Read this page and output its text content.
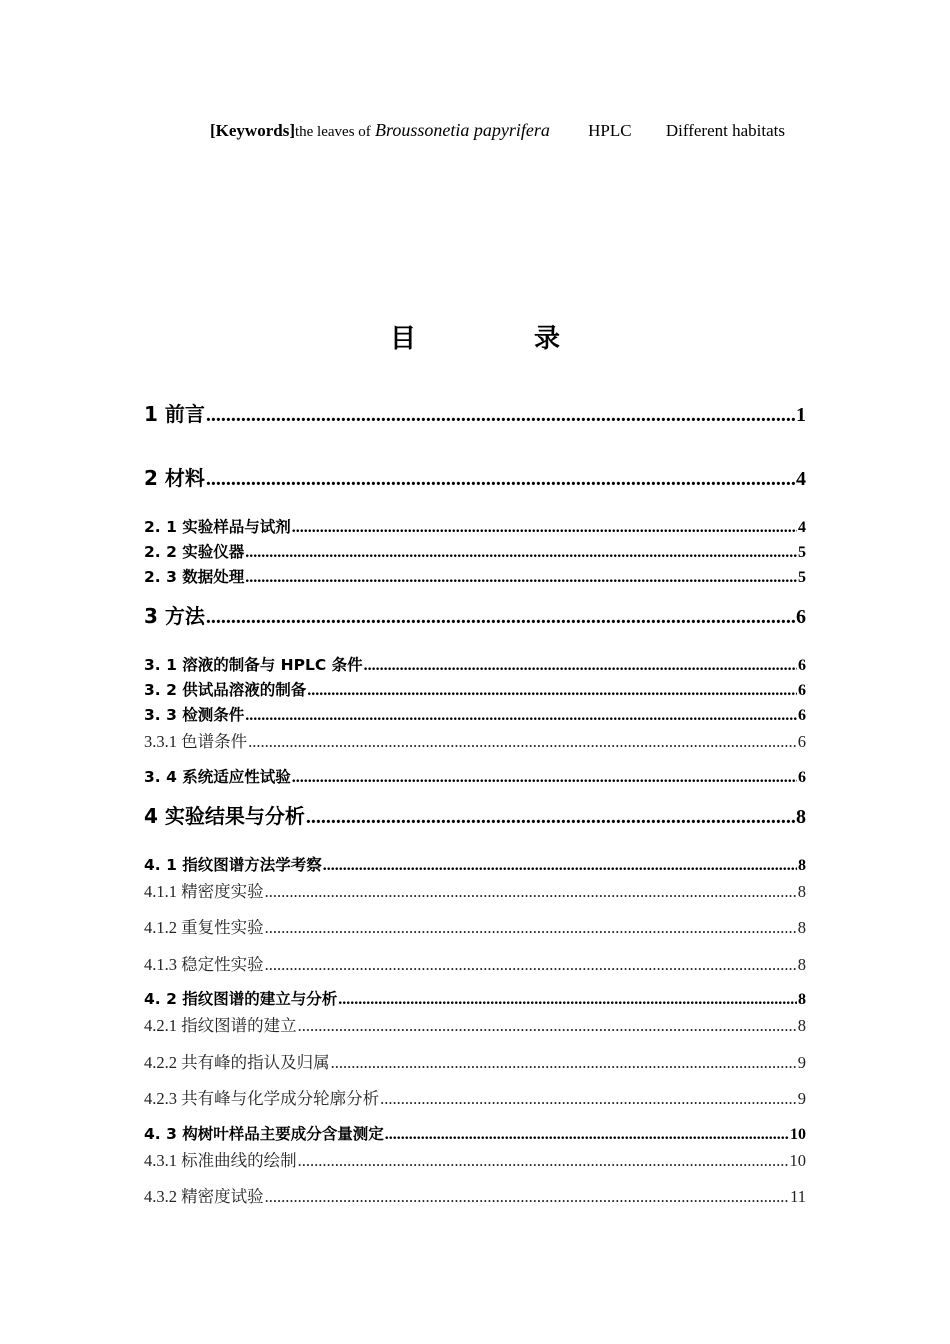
[Keywords]the leaves of Broussonetia papyrifera HPLC Different habitats
目　录
1 前言 .....	1
2 材料 .....	4
2. 1 实验样品与试剂 .....	4
2. 2 实验仪器 .....	5
2. 3 数据处理 .....	5
3 方法 .....	6
3. 1 溶液的制备与 HPLC 条件 .....	6
3. 2 供试品溶液的制备 .....	6
3. 3 检测条件 .....	6
3.3.1 色谱条件 .....	6
3. 4 系统适应性试验 .....	6
4 实验结果与分析 .....	8
4. 1 指纹图谱方法学考察 .....	8
4.1.1 精密度实验 .....	8
4.1.2 重复性实验 .....	8
4.1.3 稳定性实验 .....	8
4. 2 指纹图谱的建立与分析 .....	8
4.2.1 指纹图谱的建立 .....	8
4.2.2 共有峰的指认及归属 .....	9
4.2.3 共有峰与化学成分轮廓分析 .....	9
4. 3 构树叶样品主要成分含量测定 .....	10
4.3.1 标准曲线的绘制 .....	10
4.3.2 精密度试验 .....	11
